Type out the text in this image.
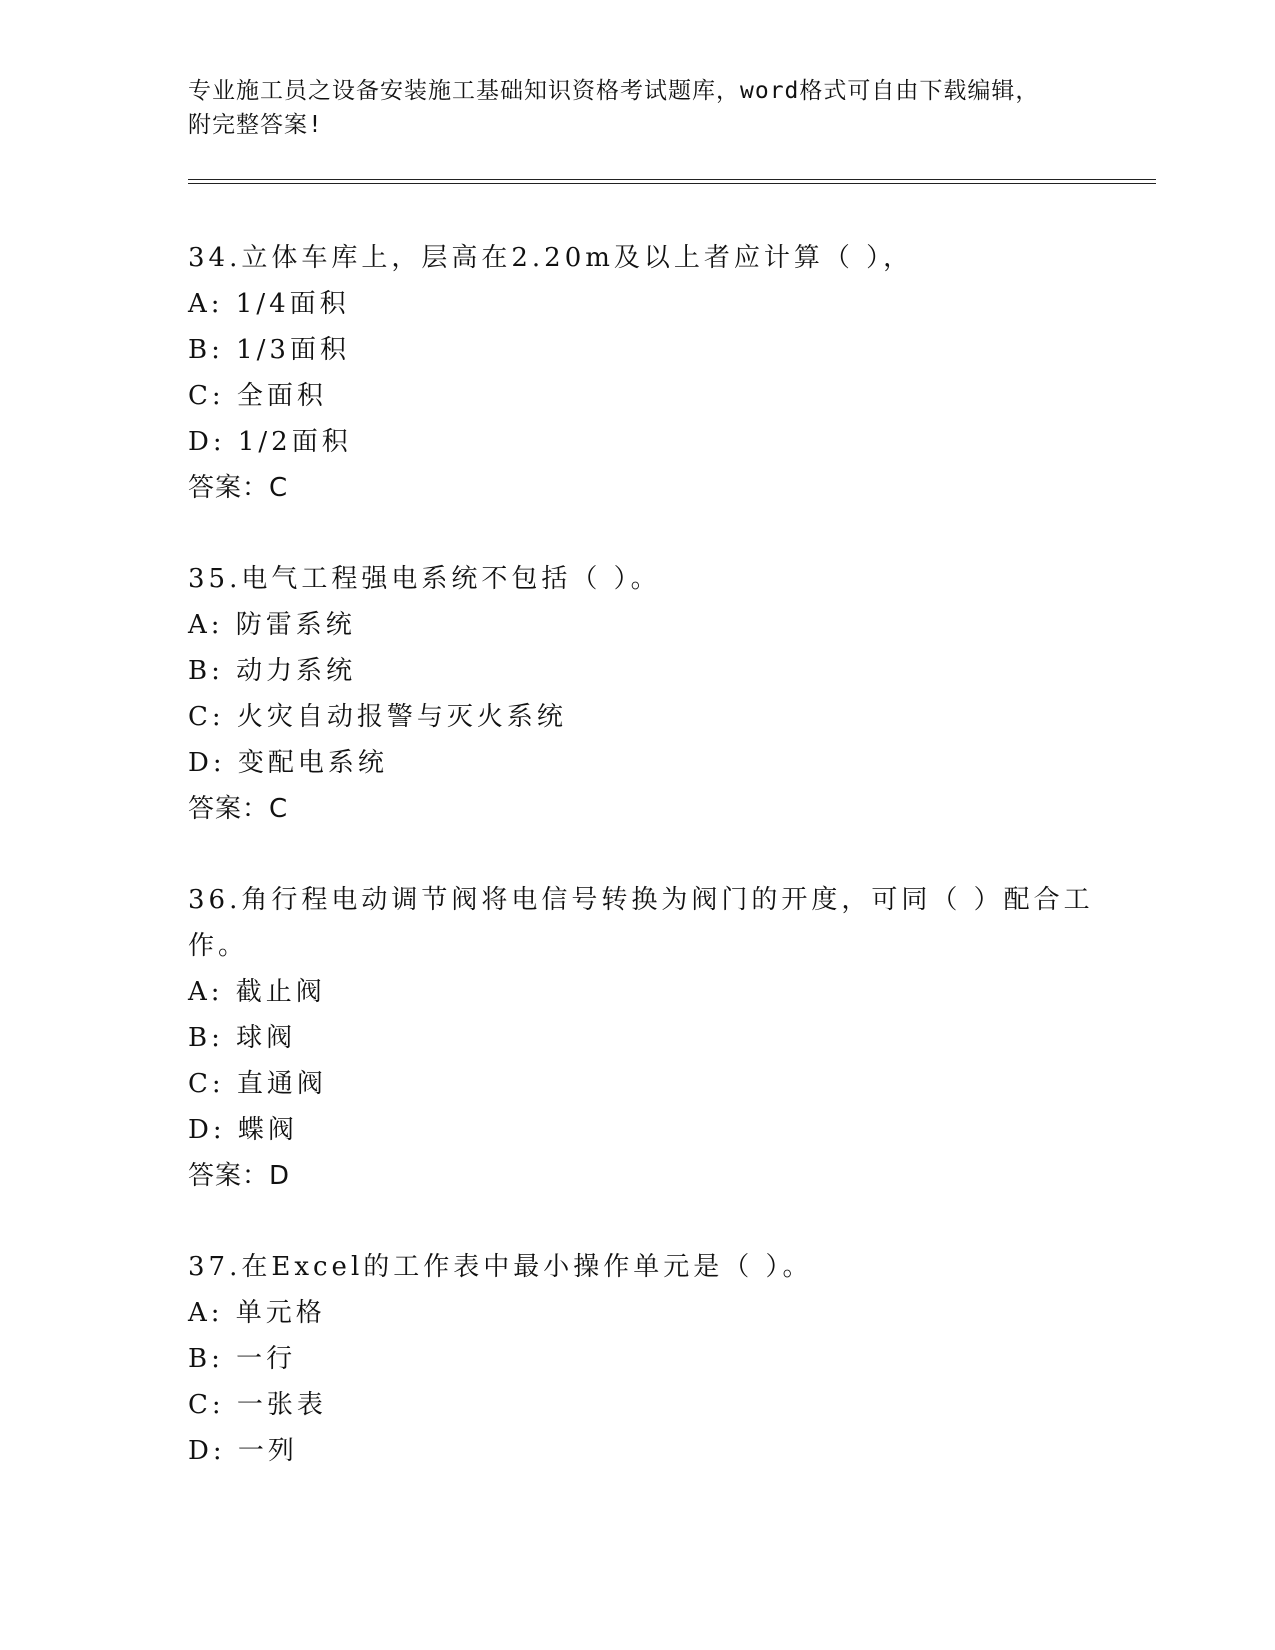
专业施工员之设备安装施工基础知识资格考试题库，word格式可自由下载编辑，
附完整答案!
34.立体车库上，层高在2.20m及以上者应计算（ ），
A: 1/4面积
B: 1/3面积
C: 全面积
D: 1/2面积
答案：C
35.电气工程强电系统不包括（ ）。
A: 防雷系统
B: 动力系统
C: 火灾自动报警与灭火系统
D: 变配电系统
答案：C
36.角行程电动调节阀将电信号转换为阀门的开度，可同（ ）配合工
作。
A: 截止阀
B: 球阀
C: 直通阀
D: 蝶阀
答案：D
37.在Excel的工作表中最小操作单元是（ ）。
A: 单元格
B: 一行
C: 一张表
D: 一列
